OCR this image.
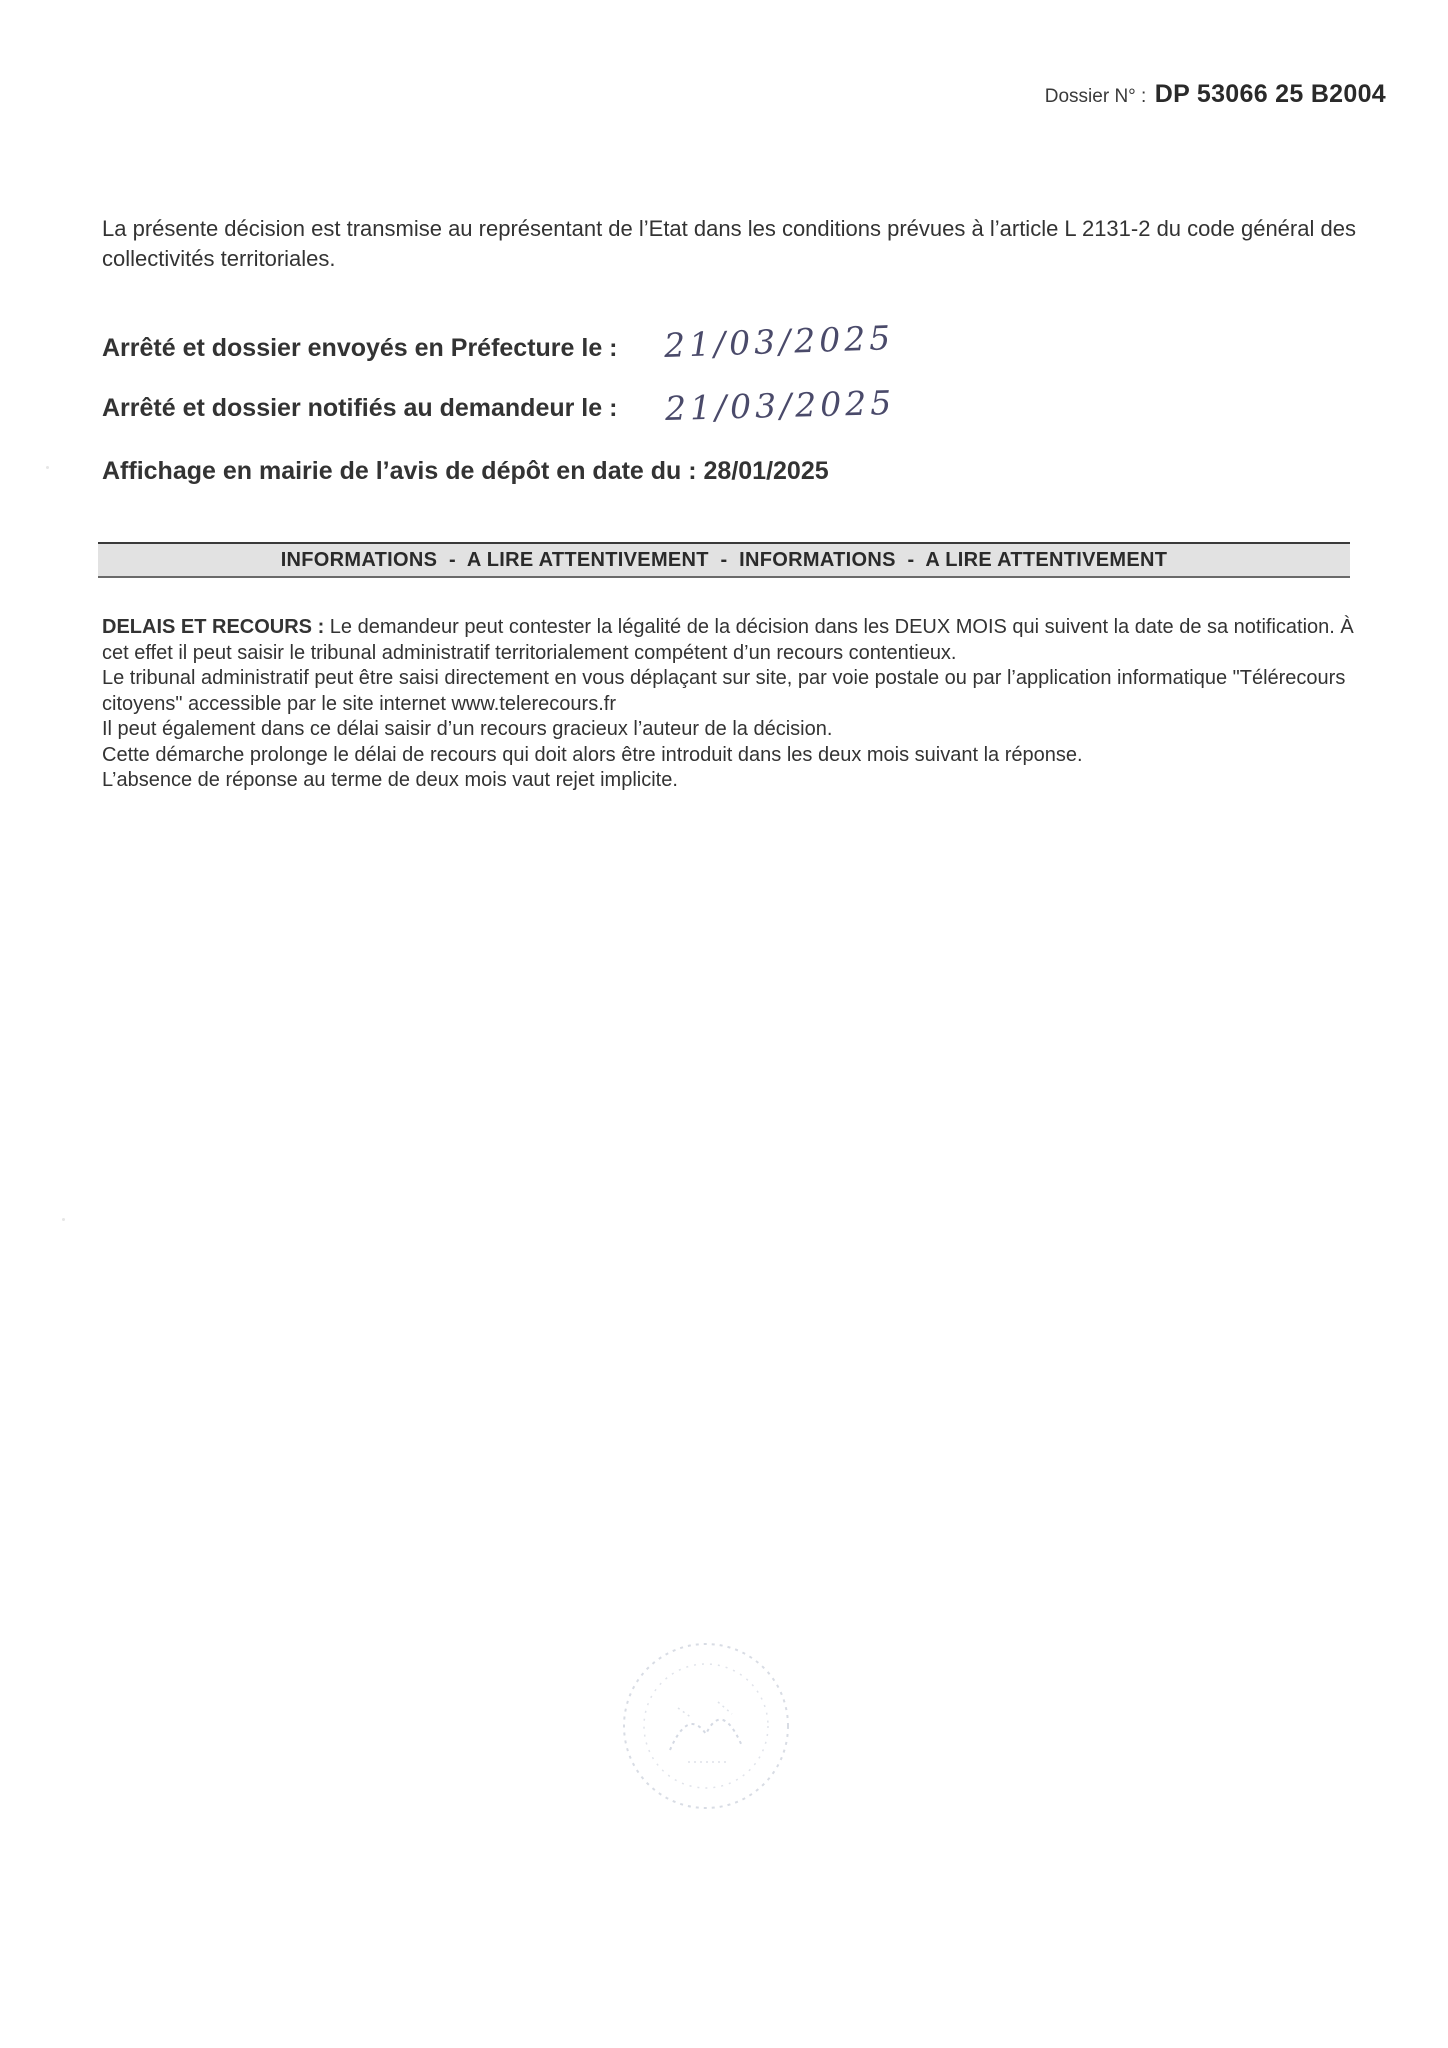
Dossier N° : DP 53066 25 B2004
La présente décision est transmise au représentant de l’Etat dans les conditions prévues à l’article L 2131-2 du code général des collectivités territoriales.
Arrêté et dossier envoyés en Préfecture le : 21/03/2025
Arrêté et dossier notifiés au demandeur le : 21/03/2025
Affichage en mairie de l’avis de dépôt en date du : 28/01/2025
INFORMATIONS  -  A LIRE ATTENTIVEMENT  -  INFORMATIONS  -  A LIRE ATTENTIVEMENT

DELAIS ET RECOURS : Le demandeur peut contester la légalité de la décision dans les DEUX MOIS qui suivent la date de sa notification. À cet effet il peut saisir le tribunal administratif territorialement compétent d’un recours contentieux.

Le tribunal administratif peut être saisi directement en vous déplaçant sur site, par voie postale ou par l’application informatique "Télérecours citoyens" accessible par le site internet www.telerecours.fr

Il peut également dans ce délai saisir d’un recours gracieux l’auteur de la décision.

Cette démarche prolonge le délai de recours qui doit alors être introduit dans les deux mois suivant la réponse.

L’absence de réponse au terme de deux mois vaut rejet implicite.
